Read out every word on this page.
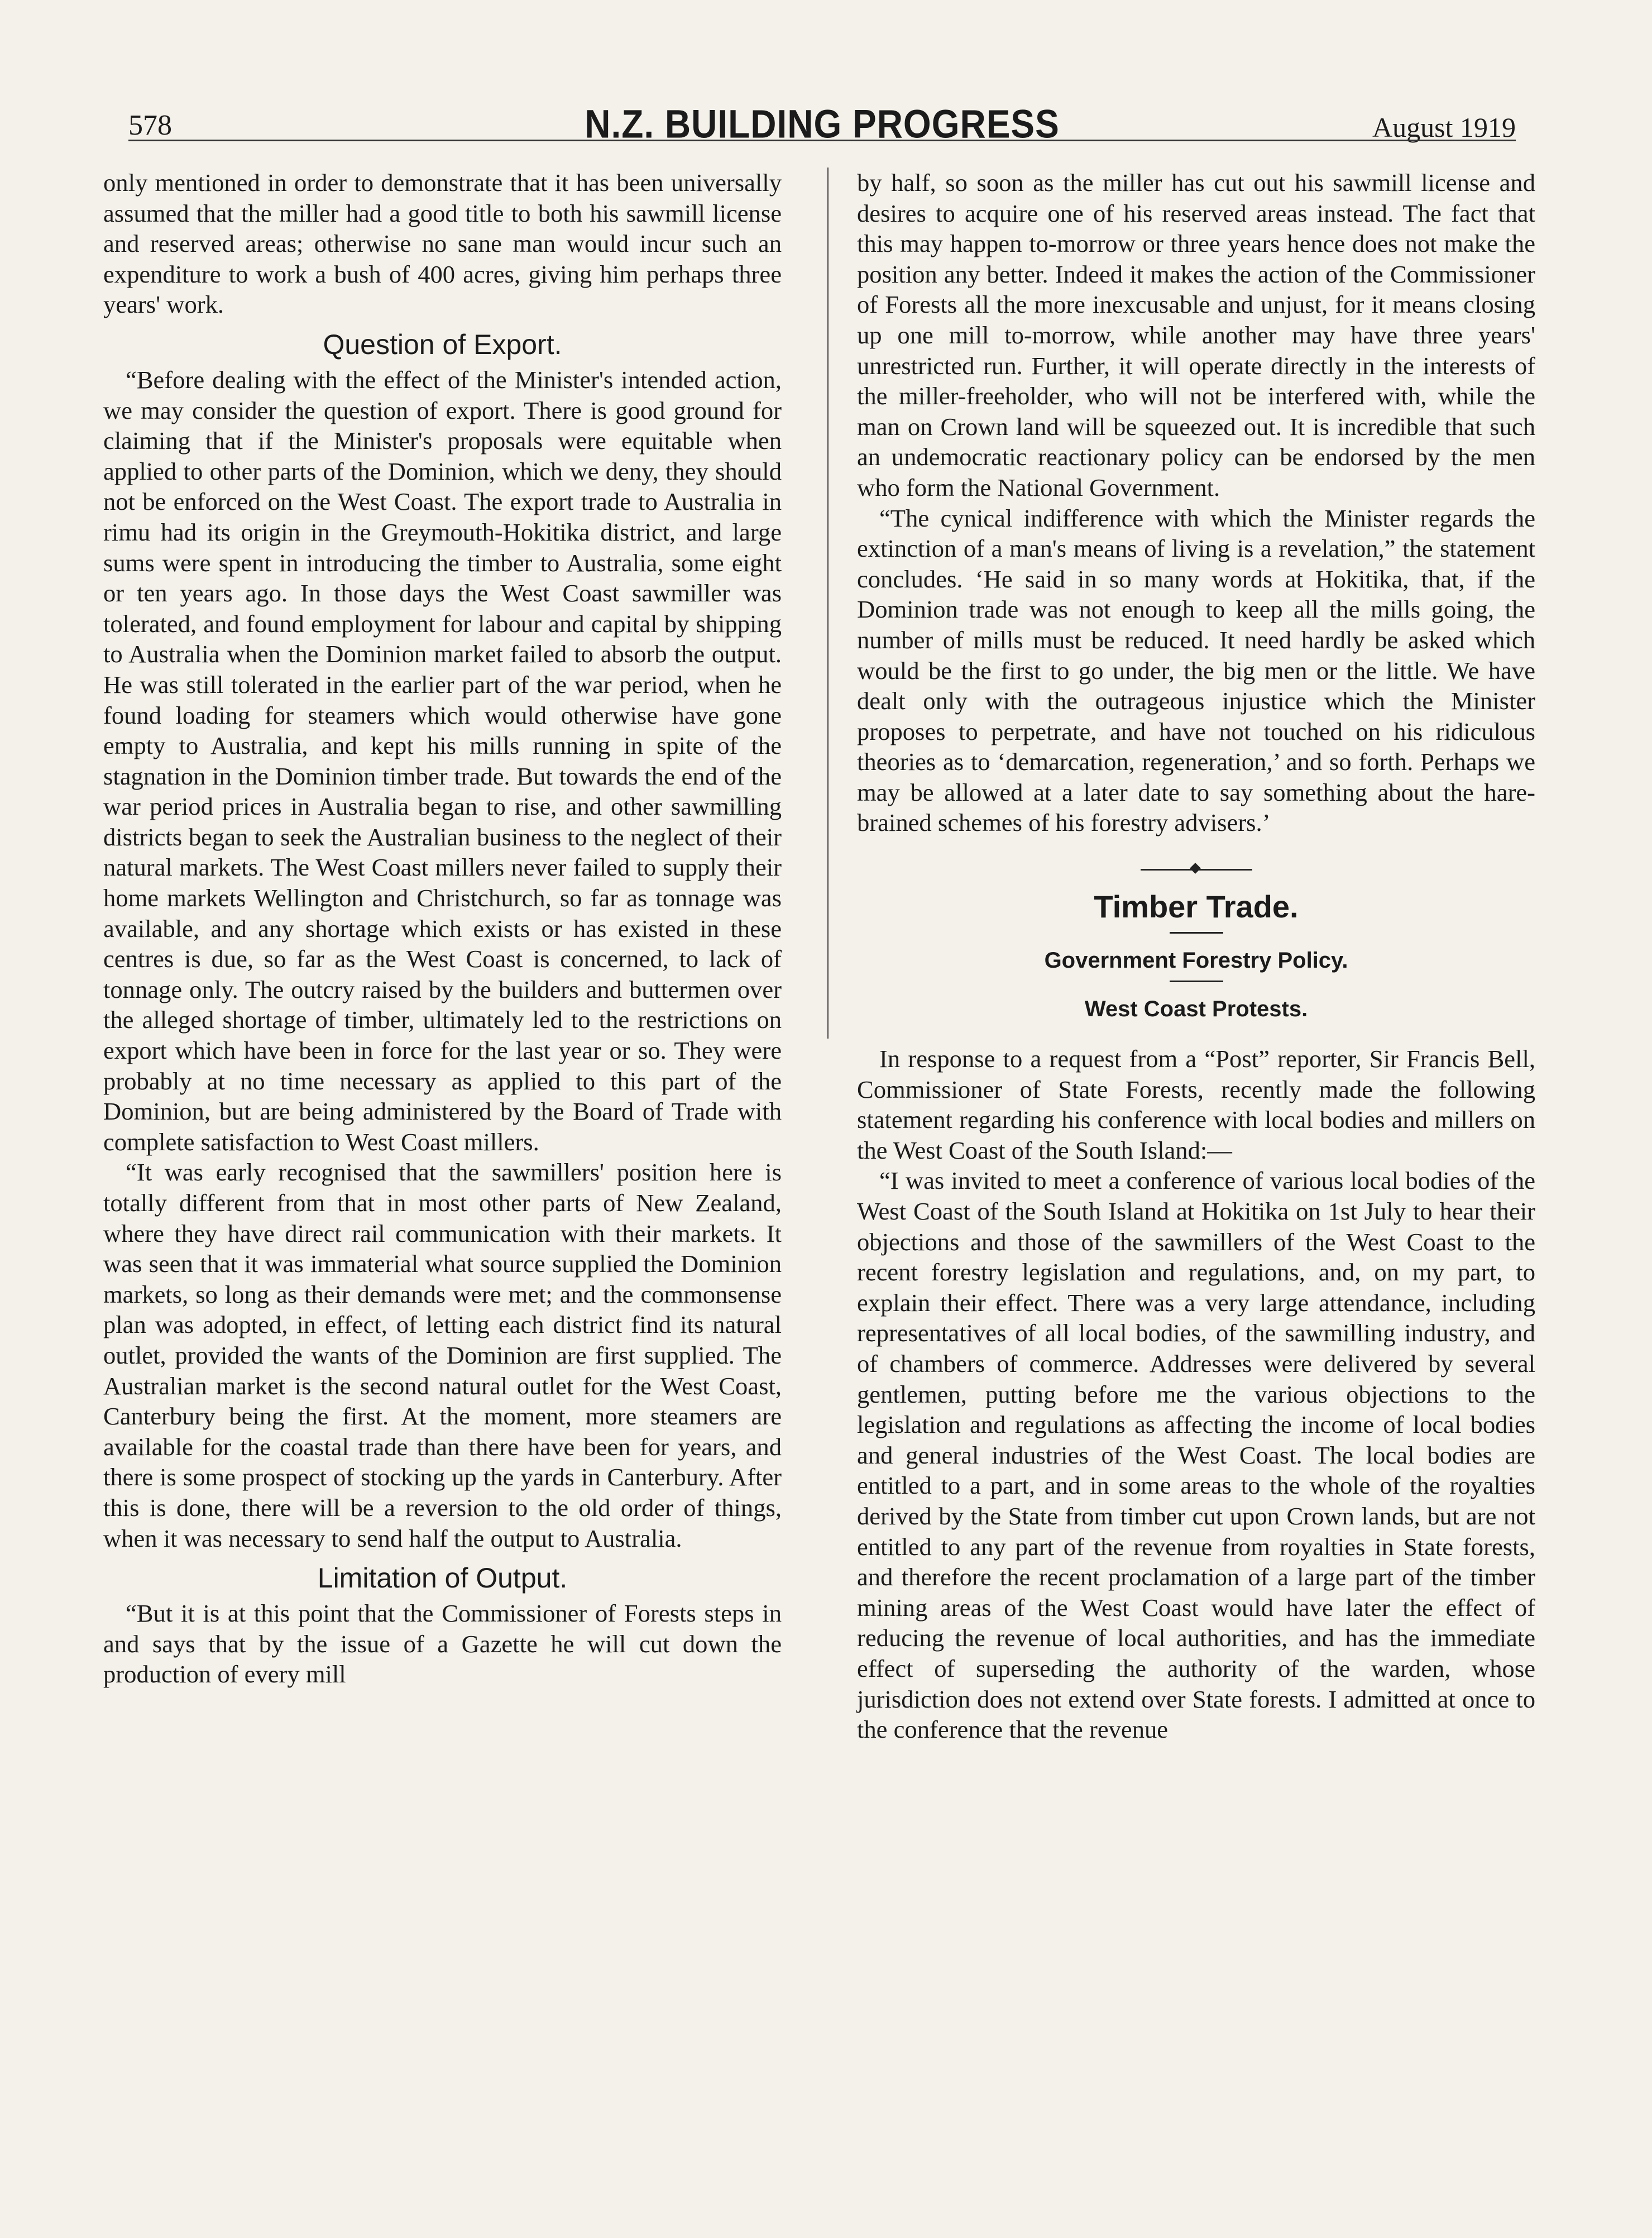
578	N.Z. BUILDING PROGRESS	August 1919

only mentioned in order to demonstrate that it has been universally assumed that the miller had a good title to both his sawmill license and reserved areas; otherwise no sane man would incur such an expenditure to work a bush of 400 acres, giving him perhaps three years' work.

Question of Export.

“Before dealing with the effect of the Minister's intended action, we may consider the question of export. There is good ground for claiming that if the Minister's proposals were equitable when applied to other parts of the Dominion, which we deny, they should not be enforced on the West Coast. The export trade to Australia in rimu had its origin in the Greymouth-Hokitika district, and large sums were spent in introducing the timber to Australia, some eight or ten years ago. In those days the West Coast sawmiller was tolerated, and found employment for labour and capital by shipping to Australia when the Dominion market failed to absorb the output. He was still tolerated in the earlier part of the war period, when he found loading for steamers which would otherwise have gone empty to Australia, and kept his mills running in spite of the stagnation in the Dominion timber trade. But towards the end of the war period prices in Australia began to rise, and other sawmilling districts began to seek the Australian business to the neglect of their natural markets. The West Coast millers never failed to supply their home markets Wellington and Christchurch, so far as tonnage was available, and any shortage which exists or has existed in these centres is due, so far as the West Coast is concerned, to lack of tonnage only. The outcry raised by the builders and buttermen over the alleged shortage of timber, ultimately led to the restrictions on export which have been in force for the last year or so. They were probably at no time necessary as applied to this part of the Dominion, but are being administered by the Board of Trade with complete satisfaction to West Coast millers.

“It was early recognised that the sawmillers' position here is totally different from that in most other parts of New Zealand, where they have direct rail communication with their markets. It was seen that it was immaterial what source supplied the Dominion markets, so long as their demands were met; and the commonsense plan was adopted, in effect, of letting each district find its natural outlet, provided the wants of the Dominion are first supplied. The Australian market is the second natural outlet for the West Coast, Canterbury being the first. At the moment, more steamers are available for the coastal trade than there have been for years, and there is some prospect of stocking up the yards in Canterbury. After this is done, there will be a reversion to the old order of things, when it was necessary to send half the output to Australia.

Limitation of Output.

“But it is at this point that the Commissioner of Forests steps in and says that by the issue of a Gazette he will cut down the production of every mill

by half, so soon as the miller has cut out his sawmill license and desires to acquire one of his reserved areas instead. The fact that this may happen to-morrow or three years hence does not make the position any better. Indeed it makes the action of the Commissioner of Forests all the more inexcusable and unjust, for it means closing up one mill to-morrow, while another may have three years' unrestricted run. Further, it will operate directly in the interests of the miller-freeholder, who will not be interfered with, while the man on Crown land will be squeezed out. It is incredible that such an undemocratic reactionary policy can be endorsed by the men who form the National Government.

“The cynical indifference with which the Minister regards the extinction of a man's means of living is a revelation,” the statement concludes. ‘He said in so many words at Hokitika, that, if the Dominion trade was not enough to keep all the mills going, the number of mills must be reduced. It need hardly be asked which would be the first to go under, the big men or the little. We have dealt only with the outrageous injustice which the Minister proposes to perpetrate, and have not touched on his ridiculous theories as to ‘demarcation, regeneration,’ and so forth. Perhaps we may be allowed at a later date to say something about the hare-brained schemes of his forestry advisers.’

Timber Trade.
Government Forestry Policy.
West Coast Protests.

In response to a request from a “Post” reporter, Sir Francis Bell, Commissioner of State Forests, recently made the following statement regarding his conference with local bodies and millers on the West Coast of the South Island:—

“I was invited to meet a conference of various local bodies of the West Coast of the South Island at Hokitika on 1st July to hear their objections and those of the sawmillers of the West Coast to the recent forestry legislation and regulations, and, on my part, to explain their effect. There was a very large attendance, including representatives of all local bodies, of the sawmilling industry, and of chambers of commerce. Addresses were delivered by several gentlemen, putting before me the various objections to the legislation and regulations as affecting the income of local bodies and general industries of the West Coast. The local bodies are entitled to a part, and in some areas to the whole of the royalties derived by the State from timber cut upon Crown lands, but are not entitled to any part of the revenue from royalties in State forests, and therefore the recent proclamation of a large part of the timber mining areas of the West Coast would have later the effect of reducing the revenue of local authorities, and has the immediate effect of superseding the authority of the warden, whose jurisdiction does not extend over State forests. I admitted at once to the conference that the revenue
